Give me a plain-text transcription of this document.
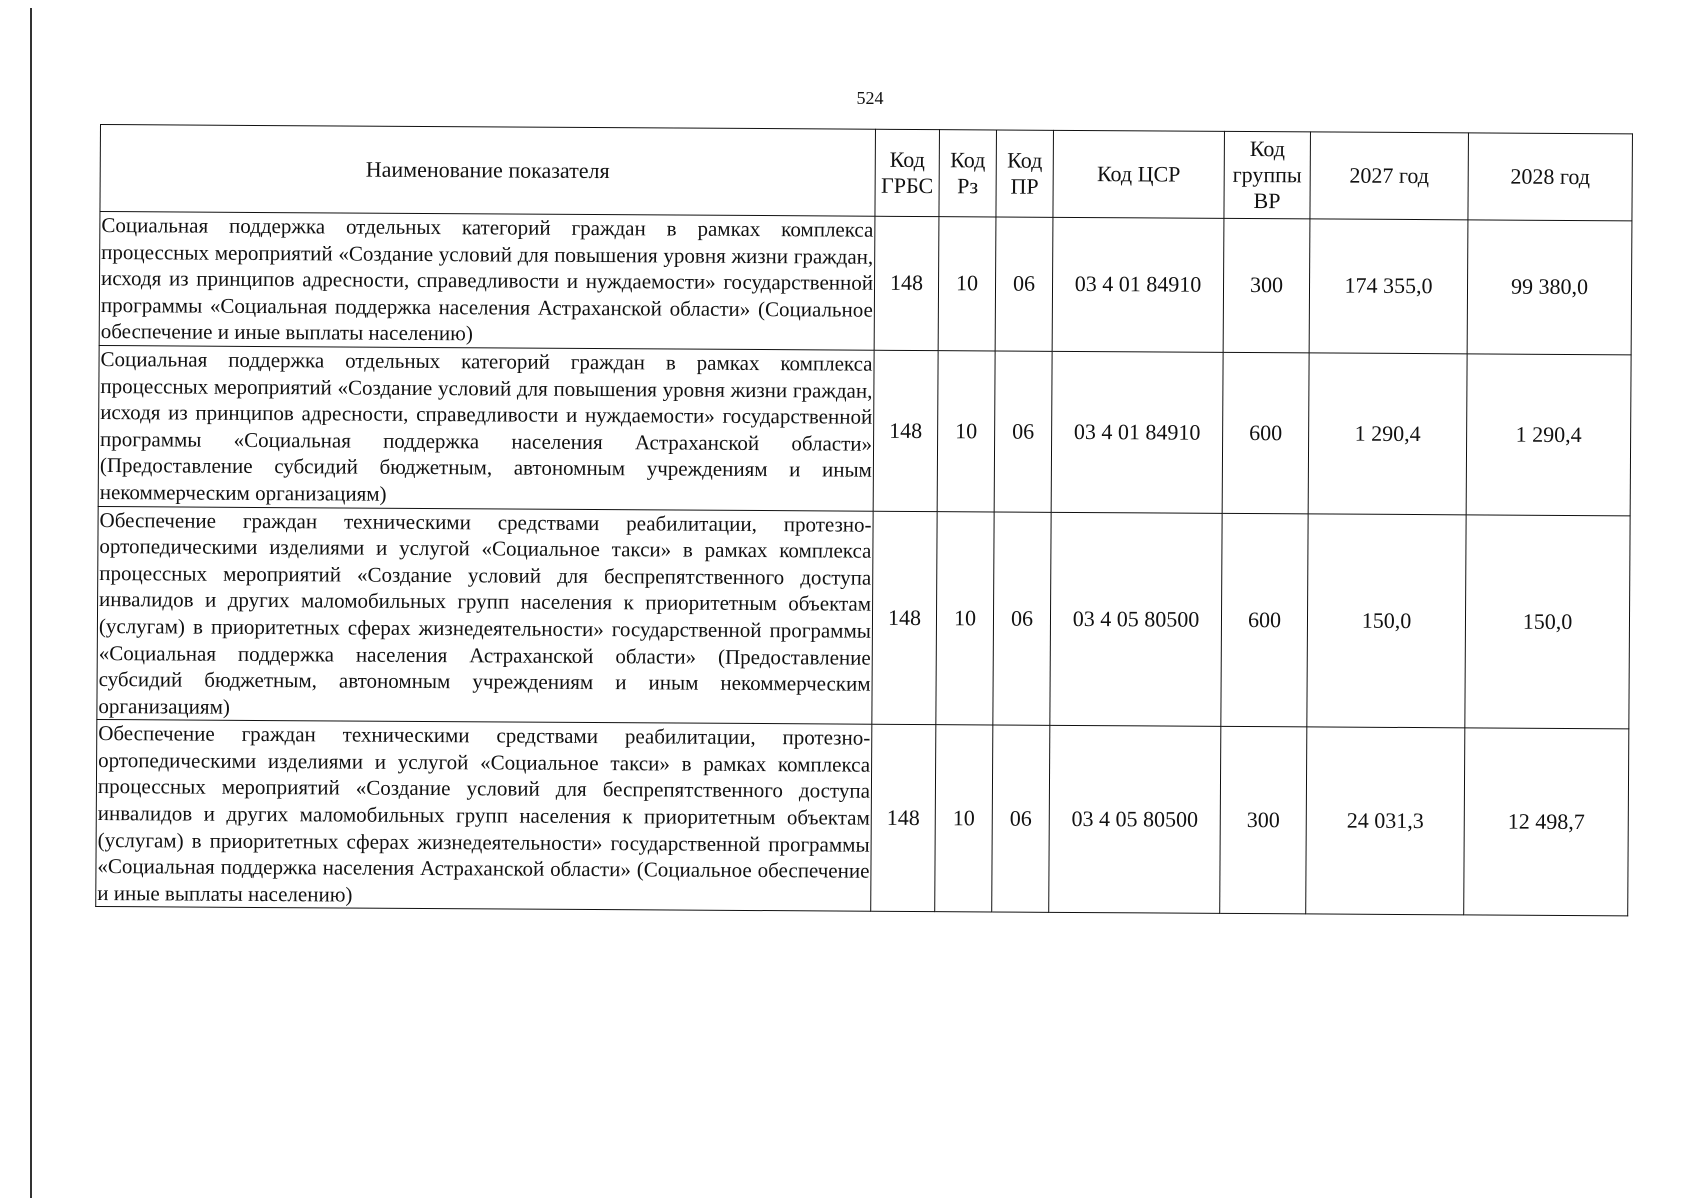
524
Наименование показателя	Код ГРБС	Код Рз	Код ПР	Код ЦСР	Код группы ВР	2027 год	2028 год
Социальная поддержка отдельных категорий граждан в рамках комплекса процессных мероприятий «Создание условий для повышения уровня жизни граждан, исходя из принципов адресности, справедливости и нуждаемости» государственной программы «Социальная поддержка населения Астраханской области» (Социальное обеспечение и иные выплаты населению)	148	10	06	03 4 01 84910	300	174 355,0	99 380,0
Социальная поддержка отдельных категорий граждан в рамках комплекса процессных мероприятий «Создание условий для повышения уровня жизни граждан, исходя из принципов адресности, справедливости и нуждаемости» государственной программы «Социальная поддержка населения Астраханской области» (Предоставление субсидий бюджетным, автономным учреждениям и иным некоммерческим организациям)	148	10	06	03 4 01 84910	600	1 290,4	1 290,4
Обеспечение граждан техническими средствами реабилитации, протезно-ортопедическими изделиями и услугой «Социальное такси» в рамках комплекса процессных мероприятий «Создание условий для беспрепятственного доступа инвалидов и других маломобильных групп населения к приоритетным объектам (услугам) в приоритетных сферах жизнедеятельности» государственной программы «Социальная поддержка населения Астраханской области» (Предоставление субсидий бюджетным, автономным учреждениям и иным некоммерческим организациям)	148	10	06	03 4 05 80500	600	150,0	150,0
Обеспечение граждан техническими средствами реабилитации, протезно-ортопедическими изделиями и услугой «Социальное такси» в рамках комплекса процессных мероприятий «Создание условий для беспрепятственного доступа инвалидов и других маломобильных групп населения к приоритетным объектам (услугам) в приоритетных сферах жизнедеятельности» государственной программы «Социальная поддержка населения Астраханской области» (Социальное обеспечение и иные выплаты населению)	148	10	06	03 4 05 80500	300	24 031,3	12 498,7
